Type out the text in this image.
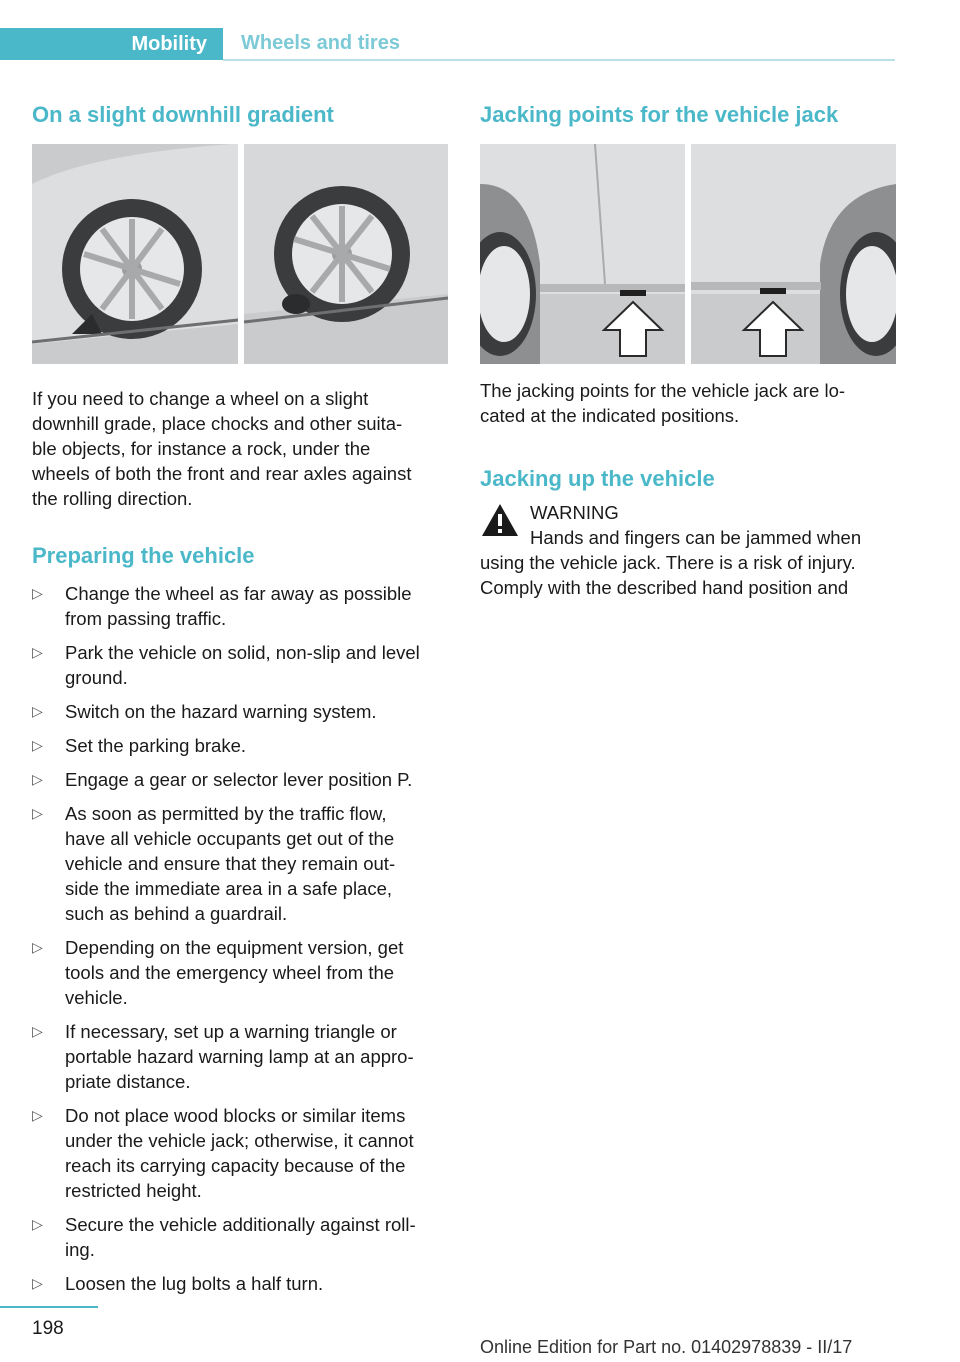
Mobility	Wheels and tires
On a slight downhill gradient

If you need to change a wheel on a slight

downhill grade, place chocks and other suita‐

ble objects, for instance a rock, under the

wheels of both the front and rear axles against

the rolling direction.

Preparing the vehicle
▷ Change the wheel as far away as possible
from passing traffic.
▷ Park the vehicle on solid, non-slip and level
ground.
▷ Switch on the hazard warning system.
▷ Set the parking brake.
▷ Engage a gear or selector lever position P.
▷ As soon as permitted by the traffic flow,
have all vehicle occupants get out of the
vehicle and ensure that they remain out‐
side the immediate area in a safe place,
such as behind a guardrail.
▷ Depending on the equipment version, get
tools and the emergency wheel from the
vehicle.
▷ If necessary, set up a warning triangle or
portable hazard warning lamp at an appro‐
priate distance.
▷ Do not place wood blocks or similar items
under the vehicle jack; otherwise, it cannot
reach its carrying capacity because of the
restricted height.
▷ Secure the vehicle additionally against roll‐
ing.
▷ Loosen the lug bolts a half turn.
Jacking points for the vehicle jack

The jacking points for the vehicle jack are lo‐

cated at the indicated positions.

Jacking up the vehicle
WARNING
Hands and fingers can be jammed when

using the vehicle jack. There is a risk of injury.

Comply with the described hand position and

198
Online Edition for Part no. 01402978839 - II/17
